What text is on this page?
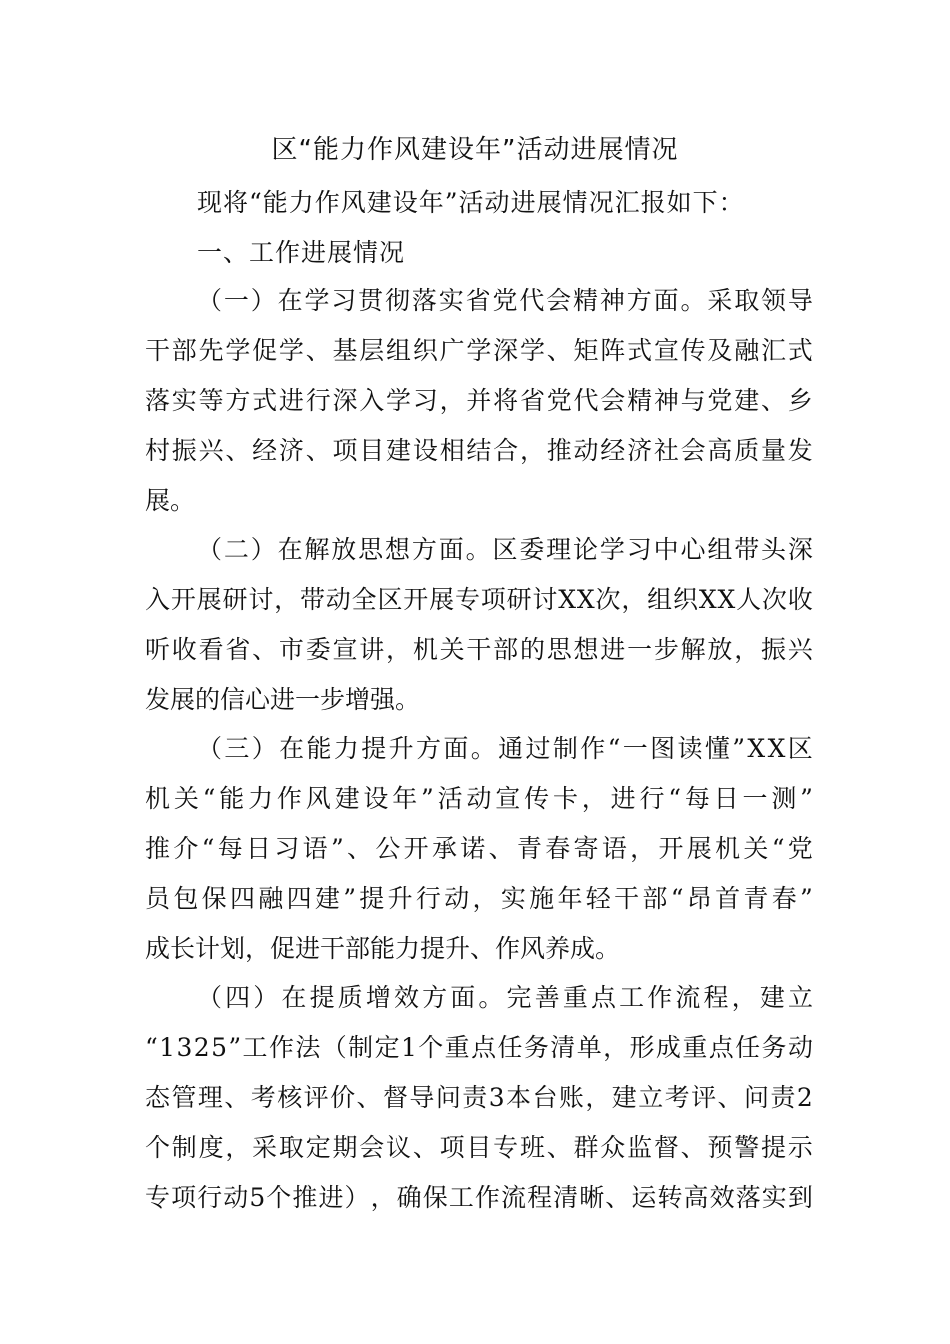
区“能力作风建设年”活动进展情况
现将“能力作风建设年”活动进展情况汇报如下：
一、工作进展情况
（ 一 ） 在 学 习 贯 彻 落 实 省 党 代 会 精 神 方 面 。 采 取 领 导
干 部 先 学 促 学 、 基 层 组 织 广 学 深 学 、 矩 阵 式 宣 传 及 融 汇 式
落 实 等 方 式 进 行 深 入 学 习 ， 并 将 省 党 代 会 精 神 与 党 建 、 乡
村 振 兴 、 经 济 、 项 目 建 设 相 结 合 ， 推 动 经 济 社 会 高 质 量 发
展。
（ 二 ） 在 解 放 思 想 方 面 。 区 委 理 论 学 习 中 心 组 带 头 深
入 开 展 研 讨 ， 带 动 全 区 开 展 专 项 研 讨 X X 次 ， 组 织 X X 人 次 收
听 收 看 省 、 市 委 宣 讲 ， 机 关 干 部 的 思 想 进 一 步 解 放 ， 振 兴
发展的信心进一步增强。
（ 三 ） 在 能 力 提 升 方 面 。 通 过 制 作 “ 一 图 读 懂 ” X X 区
机 关 “ 能 力 作 风 建 设 年 ” 活 动 宣 传 卡 ， 进 行 “ 每 日 一 测 ”
推 介 “ 每 日 习 语 ” 、 公 开 承 诺 、 青 春 寄 语 ， 开 展 机 关 “ 党
员 包 保 四 融 四 建 ” 提 升 行 动 ， 实 施 年 轻 干 部 “ 昂 首 青 春 ”
成长计划，促进干部能力提升、作风养成。
（ 四 ） 在 提 质 增 效 方 面 。 完 善 重 点 工 作 流 程 ， 建 立
“ 1 3 2 5 ” 工 作 法 （ 制 定 1 个 重 点 任 务 清 单 ， 形 成 重 点 任 务 动
态 管 理 、 考 核 评 价 、 督 导 问 责 3 本 台 账 ， 建 立 考 评 、 问 责 2
个 制 度 ， 采 取 定 期 会 议 、 项 目 专 班 、 群 众 监 督 、 预 警 提 示
专 项 行 动 5 个 推 进 ） ， 确 保 工 作 流 程 清 晰 、 运 转 高 效 落 实 到
